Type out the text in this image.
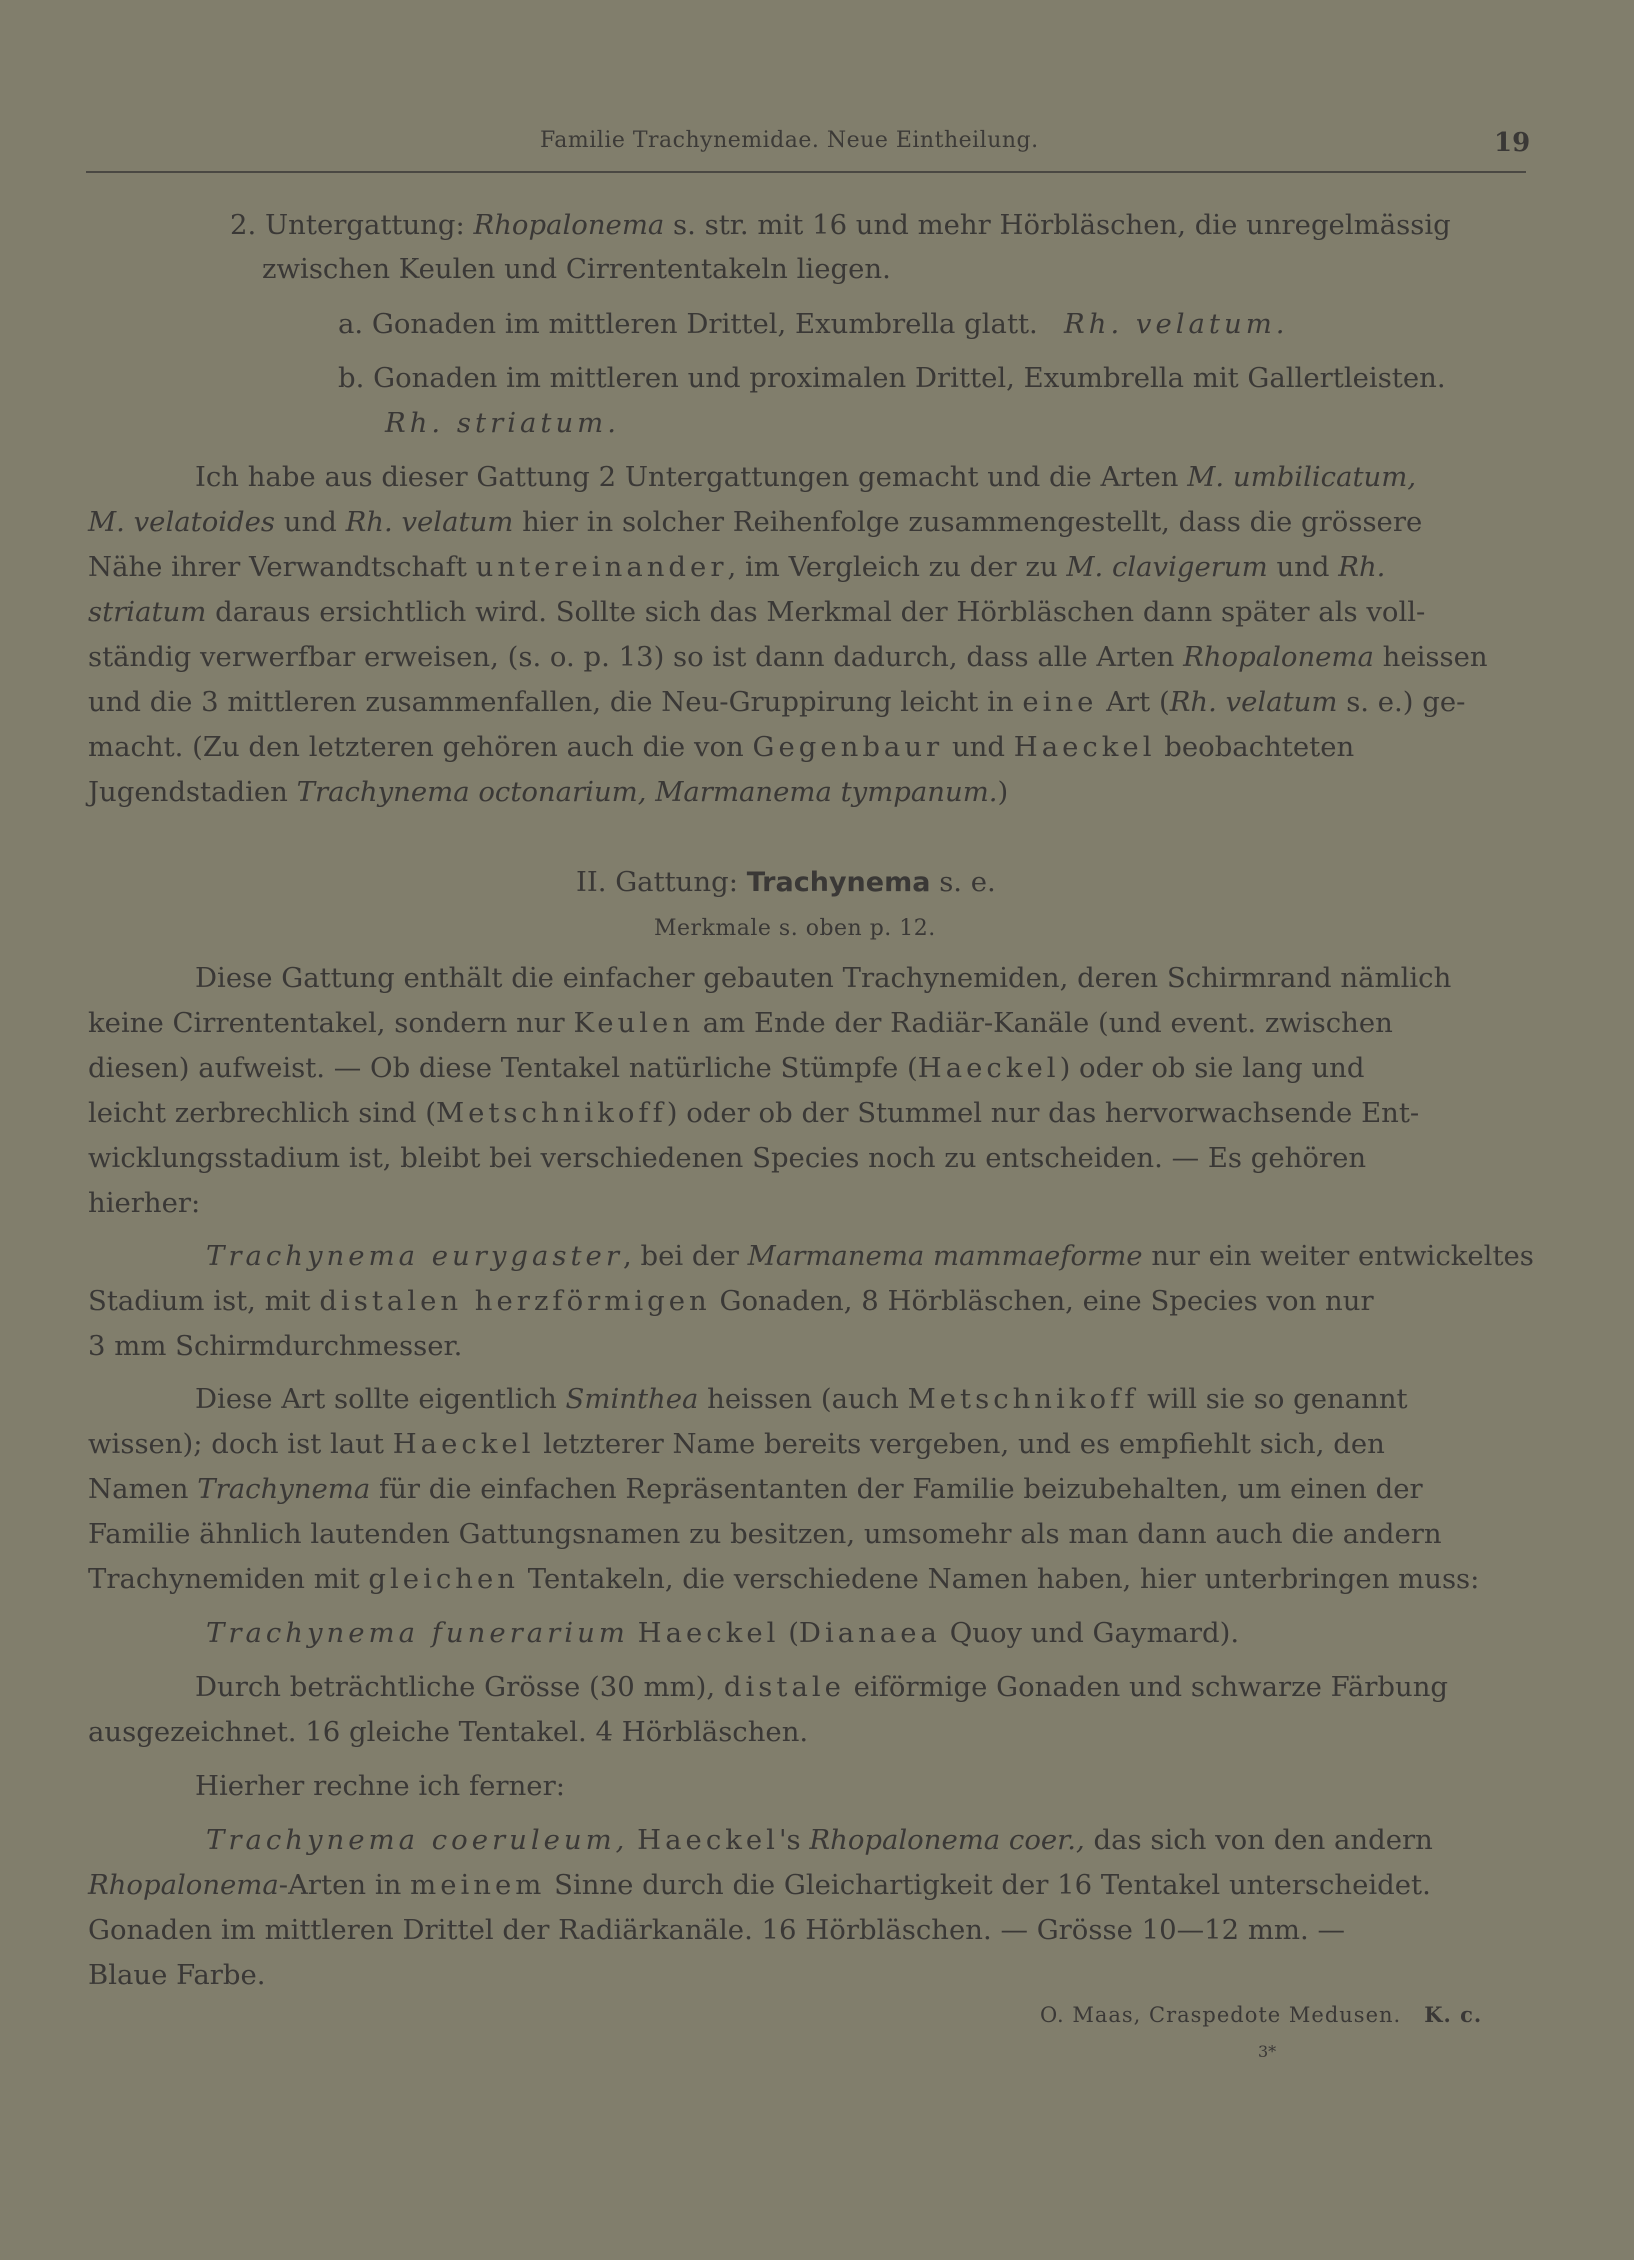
Familie Trachynemidae. Neue Eintheilung.	19
2. Untergattung: Rhopalonema s. str. mit 16 und mehr Hörbläschen, die unregelmässig
zwischen Keulen und Cirrententakeln liegen.
a. Gonaden im mittleren Drittel, Exumbrella glatt. Rh. velatum.
b. Gonaden im mittleren und proximalen Drittel, Exumbrella mit Gallertleisten.
Rh. striatum.
Ich habe aus dieser Gattung 2 Untergattungen gemacht und die Arten M. umbilicatum,
M. velatoides und Rh. velatum hier in solcher Reihenfolge zusammengestellt, dass die grössere
Nähe ihrer Verwandtschaft untereinander, im Vergleich zu der zu M. clavigerum und Rh.
striatum daraus ersichtlich wird. Sollte sich das Merkmal der Hörbläschen dann später als voll-
ständig verwerfbar erweisen, (s. o. p. 13) so ist dann dadurch, dass alle Arten Rhopalonema heissen
und die 3 mittleren zusammenfallen, die Neu-Gruppirung leicht in eine Art (Rh. velatum s. e.) ge-
macht. (Zu den letzteren gehören auch die von Gegenbaur und Haeckel beobachteten
Jugendstadien Trachynema octonarium, Marmanema tympanum.)
II. Gattung: Trachynema s. e.
Merkmale s. oben p. 12.
Diese Gattung enthält die einfacher gebauten Trachynemiden, deren Schirmrand nämlich
keine Cirrententakel, sondern nur Keulen am Ende der Radiär-Kanäle (und event. zwischen
diesen) aufweist. — Ob diese Tentakel natürliche Stümpfe (Haeckel) oder ob sie lang und
leicht zerbrechlich sind (Metschnikoff) oder ob der Stummel nur das hervorwachsende Ent-
wicklungsstadium ist, bleibt bei verschiedenen Species noch zu entscheiden. — Es gehören
hierher:
Trachynema eurygaster, bei der Marmanema mammaeforme nur ein weiter entwickeltes
Stadium ist, mit distalen herzförmigen Gonaden, 8 Hörbläschen, eine Species von nur
3 mm Schirmdurchmesser.
Diese Art sollte eigentlich Sminthea heissen (auch Metschnikoff will sie so genannt
wissen); doch ist laut Haeckel letzterer Name bereits vergeben, und es empfiehlt sich, den
Namen Trachynema für die einfachen Repräsentanten der Familie beizubehalten, um einen der
Familie ähnlich lautenden Gattungsnamen zu besitzen, umsomehr als man dann auch die andern
Trachynemiden mit gleichen Tentakeln, die verschiedene Namen haben, hier unterbringen muss:
Trachynema funerarium Haeckel (Dianaea Quoy und Gaymard).
Durch beträchtliche Grösse (30 mm), distale eiförmige Gonaden und schwarze Färbung
ausgezeichnet. 16 gleiche Tentakel. 4 Hörbläschen.
Hierher rechne ich ferner:
Trachynema coeruleum, Haeckel's Rhopalonema coer., das sich von den andern
Rhopalonema-Arten in meinem Sinne durch die Gleichartigkeit der 16 Tentakel unterscheidet.
Gonaden im mittleren Drittel der Radiärkanäle. 16 Hörbläschen. — Grösse 10—12 mm. —
Blaue Farbe.
O. Maas, Craspedote Medusen. K. c.
3*
